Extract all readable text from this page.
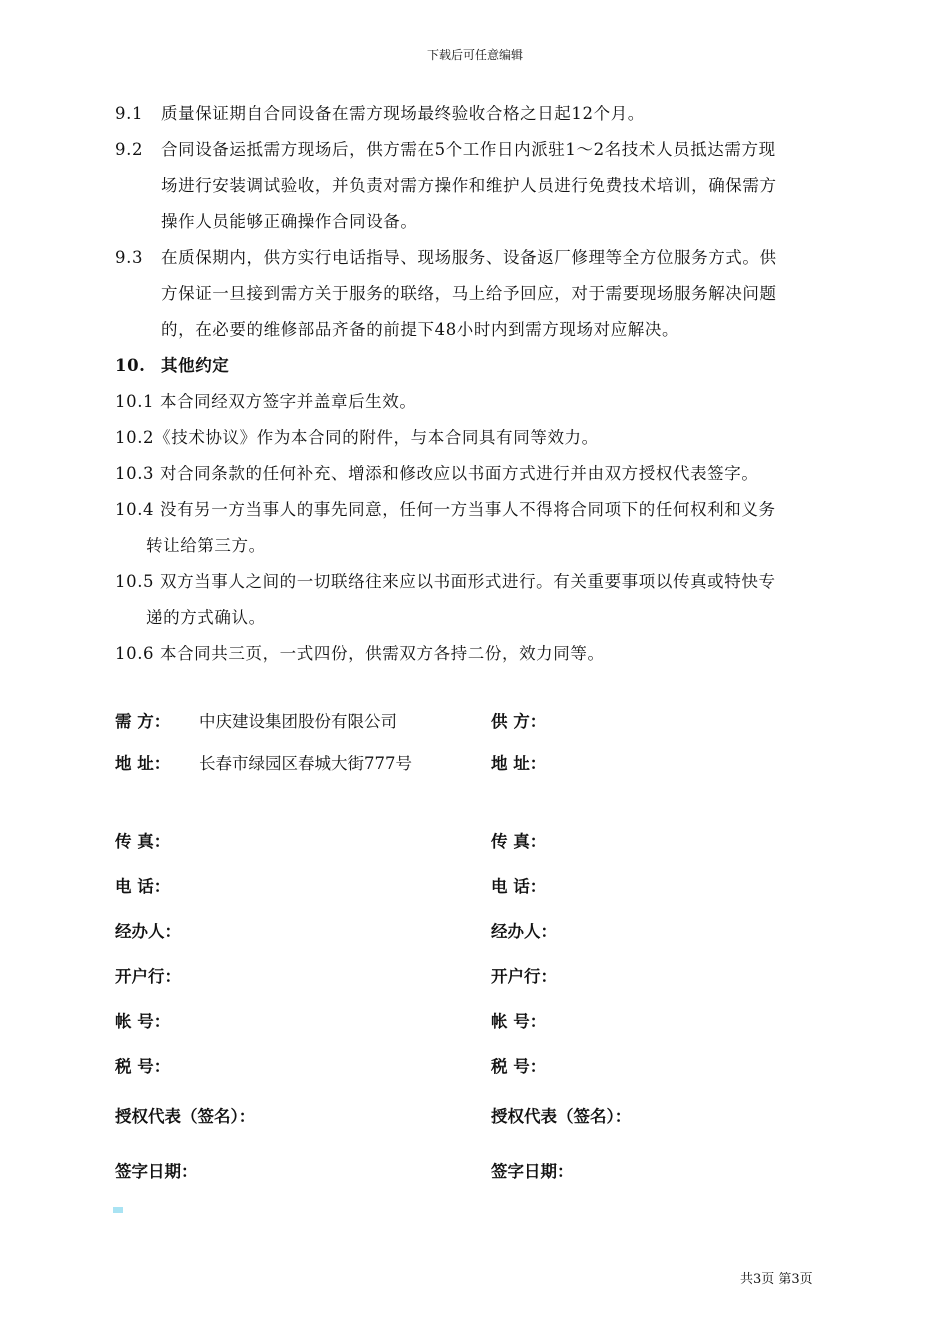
下载后可任意编辑
9.1	质量保证期自合同设备在需方现场最终验收合格之日起12个月。
9.2	合同设备运抵需方现场后，供方需在5个工作日内派驻1～2名技术人员抵达需方现
场进行安装调试验收，并负责对需方操作和维护人员进行免费技术培训，确保需方
操作人员能够正确操作合同设备。
9.3	在质保期内，供方实行电话指导、现场服务、设备返厂修理等全方位服务方式。供
方保证一旦接到需方关于服务的联络，马上给予回应，对于需要现场服务解决问题
的，在必要的维修部品齐备的前提下48小时内到需方现场对应解决。
10. 其他约定
10.1 本合同经双方签字并盖章后生效。
10.2《技术协议》作为本合同的附件，与本合同具有同等效力。
10.3 对合同条款的任何补充、增添和修改应以书面方式进行并由双方授权代表签字。
10.4 没有另一方当事人的事先同意，任何一方当事人不得将合同项下的任何权利和义务
转让给第三方。
10.5 双方当事人之间的一切联络往来应以书面形式进行。有关重要事项以传真或特快专
递的方式确认。
10.6 本合同共三页，一式四份，供需双方各持二份，效力同等。
需 方： 中庆建设集团股份有限公司	供 方：
地 址： 长春市绿园区春城大街777号	地 址：
传 真：	传 真：
电 话：	电 话：
经办人：	经办人：
开户行：	开户行：
帐 号：	帐 号：
税 号：	税 号：
授权代表（签名）：	授权代表（签名）：
签字日期：	签字日期：
共3页 第3页
